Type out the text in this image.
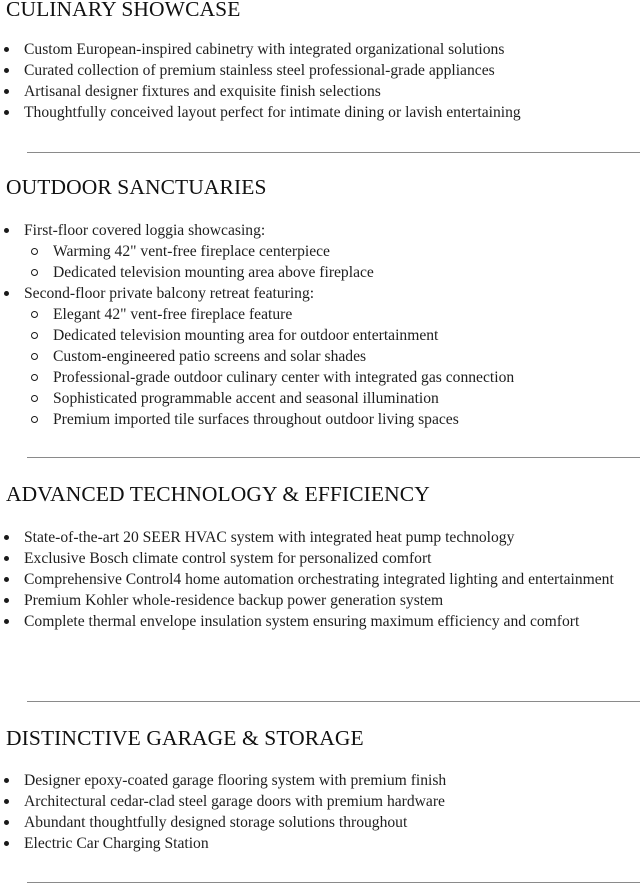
CULINARY SHOWCASE
Custom European-inspired cabinetry with integrated organizational solutions
Curated collection of premium stainless steel professional-grade appliances
Artisanal designer fixtures and exquisite finish selections
Thoughtfully conceived layout perfect for intimate dining or lavish entertaining
OUTDOOR SANCTUARIES
First-floor covered loggia showcasing:
Warming 42" vent-free fireplace centerpiece
Dedicated television mounting area above fireplace
Second-floor private balcony retreat featuring:
Elegant 42" vent-free fireplace feature
Dedicated television mounting area for outdoor entertainment
Custom-engineered patio screens and solar shades
Professional-grade outdoor culinary center with integrated gas connection
Sophisticated programmable accent and seasonal illumination
Premium imported tile surfaces throughout outdoor living spaces
ADVANCED TECHNOLOGY & EFFICIENCY
State-of-the-art 20 SEER HVAC system with integrated heat pump technology
Exclusive Bosch climate control system for personalized comfort
Comprehensive Control4 home automation orchestrating integrated lighting and entertainment
Premium Kohler whole-residence backup power generation system
Complete thermal envelope insulation system ensuring maximum efficiency and comfort
DISTINCTIVE GARAGE & STORAGE
Designer epoxy-coated garage flooring system with premium finish
Architectural cedar-clad steel garage doors with premium hardware
Abundant thoughtfully designed storage solutions throughout
Electric Car Charging Station
